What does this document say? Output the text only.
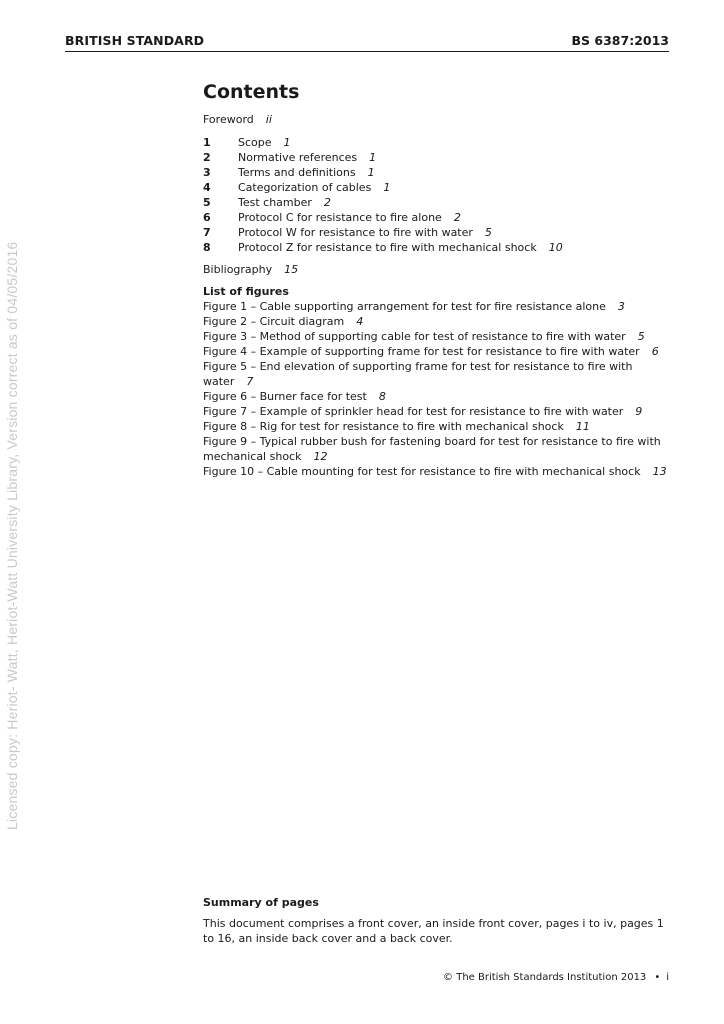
BRITISH STANDARD	BS 6387:2013
Licensed copy: Heriot- Watt, Heriot-Watt University Library, Version correct as of 04/05/2016
Contents
Foreword ii
1	Scope 1
2	Normative references 1
3	Terms and definitions 1
4	Categorization of cables 1
5	Test chamber 2
6	Protocol C for resistance to fire alone 2
7	Protocol W for resistance to fire with water 5
8	Protocol Z for resistance to fire with mechanical shock 10
Bibliography 15
List of figures
Figure 1 – Cable supporting arrangement for test for fire resistance alone 3
Figure 2 – Circuit diagram 4
Figure 3 – Method of supporting cable for test of resistance to fire with water 5
Figure 4 – Example of supporting frame for test for resistance to fire with water 6
Figure 5 – End elevation of supporting frame for test for resistance to fire with water 7
Figure 6 – Burner face for test 8
Figure 7 – Example of sprinkler head for test for resistance to fire with water 9
Figure 8 – Rig for test for resistance to fire with mechanical shock 11
Figure 9 – Typical rubber bush for fastening board for test for resistance to fire with mechanical shock 12
Figure 10 – Cable mounting for test for resistance to fire with mechanical shock 13
Summary of pages
This document comprises a front cover, an inside front cover, pages i to iv, pages 1 to 16, an inside back cover and a back cover.
© The British Standards Institution 2013 • i
